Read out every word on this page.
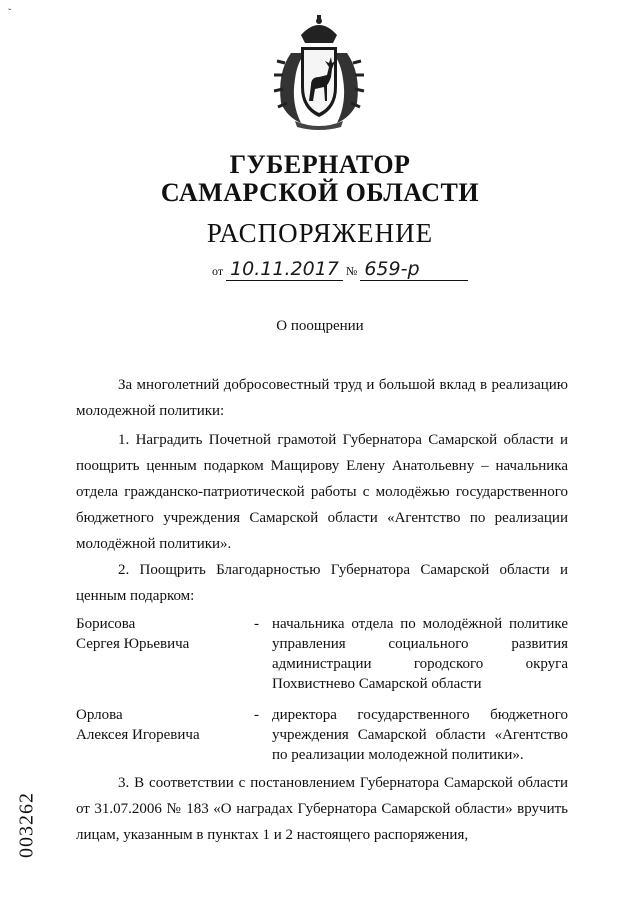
ˇ
ГУБЕРНАТОР
САМАРСКОЙ ОБЛАСТИ
РАСПОРЯЖЕНИЕ
от 10.11.2017 № 659-р
О поощрении
За многолетний добросовестный труд и большой вклад в реализацию молодежной политики:
1. Наградить Почетной грамотой Губернатора Самарской области и поощрить ценным подарком Мащирову Елену Анатольевну – начальника отдела гражданско-патриотической работы с молодёжью государственного бюджетного учреждения Самарской области «Агентство по реализации молодёжной политики».
2. Поощрить Благодарностью Губернатора Самарской области и ценным подарком:
Борисова
Сергея Юрьевича
- начальника отдела по молодёжной политике управления социального развития администрации городского округа Похвистнево Самарской области
Орлова
Алексея Игоревича
- директора государственного бюджетного учреждения Самарской области «Агентство по реализации молодежной политики».
3. В соответствии с постановлением Губернатора Самарской области от 31.07.2006 № 183 «О наградах Губернатора Самарской области» вручить лицам, указанным в пунктах 1 и 2 настоящего распоряжения,
003262
